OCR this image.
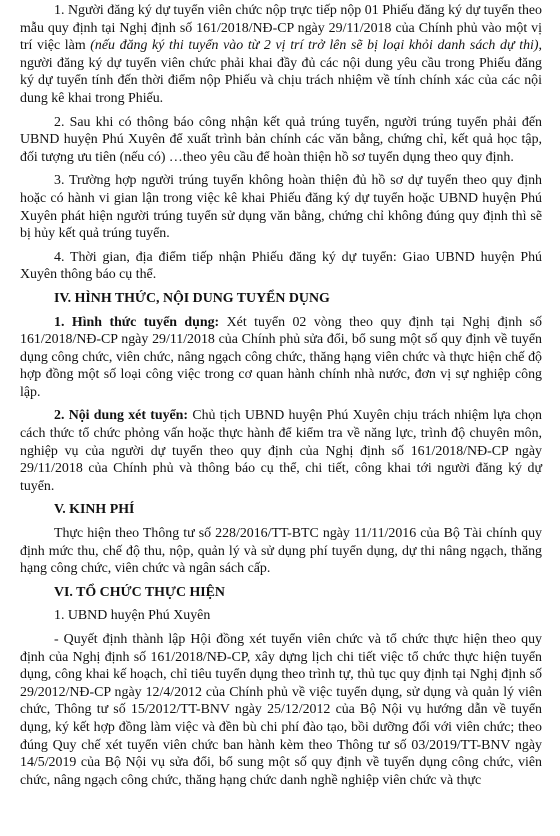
1. Người đăng ký dự tuyển viên chức nộp trực tiếp nộp 01 Phiếu đăng ký dự tuyển theo mẫu quy định tại Nghị định số 161/2018/NĐ-CP ngày 29/11/2018 của Chính phủ vào một vị trí việc làm (nếu đăng ký thi tuyển vào từ 2 vị trí trở lên sẽ bị loại khỏi danh sách dự thi), người đăng ký dự tuyển viên chức phải khai đầy đủ các nội dung yêu cầu trong Phiếu đăng ký dự tuyển tính đến thời điểm nộp Phiếu và chịu trách nhiệm về tính chính xác của các nội dung kê khai trong Phiếu.

2. Sau khi có thông báo công nhận kết quả trúng tuyển, người trúng tuyển phải đến UBND huyện Phú Xuyên để xuất trình bản chính các văn bằng, chứng chỉ, kết quả học tập, đối tượng ưu tiên (nếu có) …theo yêu cầu để hoàn thiện hồ sơ tuyển dụng theo quy định.

3. Trường hợp người trúng tuyển không hoàn thiện đủ hồ sơ dự tuyển theo quy định hoặc có hành vi gian lận trong việc kê khai Phiếu đăng ký dự tuyển hoặc UBND huyện Phú Xuyên phát hiện người trúng tuyển sử dụng văn bằng, chứng chỉ không đúng quy định thì sẽ bị hủy kết quả trúng tuyển.

4. Thời gian, địa điểm tiếp nhận Phiếu đăng ký dự tuyển: Giao UBND huyện Phú Xuyên thông báo cụ thể.

IV. HÌNH THỨC, NỘI DUNG TUYỂN DỤNG

1. Hình thức tuyển dụng: Xét tuyển 02 vòng theo quy định tại Nghị định số 161/2018/NĐ-CP ngày 29/11/2018 của Chính phủ sửa đổi, bổ sung một số quy định về tuyển dụng công chức, viên chức, nâng ngạch công chức, thăng hạng viên chức và thực hiện chế độ hợp đồng một số loại công việc trong cơ quan hành chính nhà nước, đơn vị sự nghiệp công lập.

2. Nội dung xét tuyển: Chủ tịch UBND huyện Phú Xuyên chịu trách nhiệm lựa chọn cách thức tổ chức phỏng vấn hoặc thực hành để kiểm tra về năng lực, trình độ chuyên môn, nghiệp vụ của người dự tuyển theo quy định của Nghị định số 161/2018/NĐ-CP ngày 29/11/2018 của Chính phủ và thông báo cụ thể, chi tiết, công khai tới người đăng ký dự tuyển.

V. KINH PHÍ

Thực hiện theo Thông tư số 228/2016/TT-BTC ngày 11/11/2016 của Bộ Tài chính quy định mức thu, chế độ thu, nộp, quản lý và sử dụng phí tuyển dụng, dự thi nâng ngạch, thăng hạng công chức, viên chức và ngân sách cấp.

VI. TỔ CHỨC THỰC HIỆN

1. UBND huyện Phú Xuyên

- Quyết định thành lập Hội đồng xét tuyển viên chức và tổ chức thực hiện theo quy định của Nghị định số 161/2018/NĐ-CP, xây dựng lịch chi tiết việc tổ chức thực hiện tuyển dụng, công khai kế hoạch, chỉ tiêu tuyển dụng theo trình tự, thủ tục quy định tại Nghị định số 29/2012/NĐ-CP ngày 12/4/2012 của Chính phủ về việc tuyển dụng, sử dụng và quản lý viên chức, Thông tư số 15/2012/TT-BNV ngày 25/12/2012 của Bộ Nội vụ hướng dẫn về tuyển dụng, ký kết hợp đồng làm việc và đền bù chi phí đào tạo, bồi dưỡng đối với viên chức; theo đúng Quy chế xét tuyển viên chức ban hành kèm theo Thông tư số 03/2019/TT-BNV ngày 14/5/2019 của Bộ Nội vụ sửa đổi, bổ sung một số quy định về tuyển dụng công chức, viên chức, nâng ngạch công chức, thăng hạng chức danh nghề nghiệp viên chức và thực
